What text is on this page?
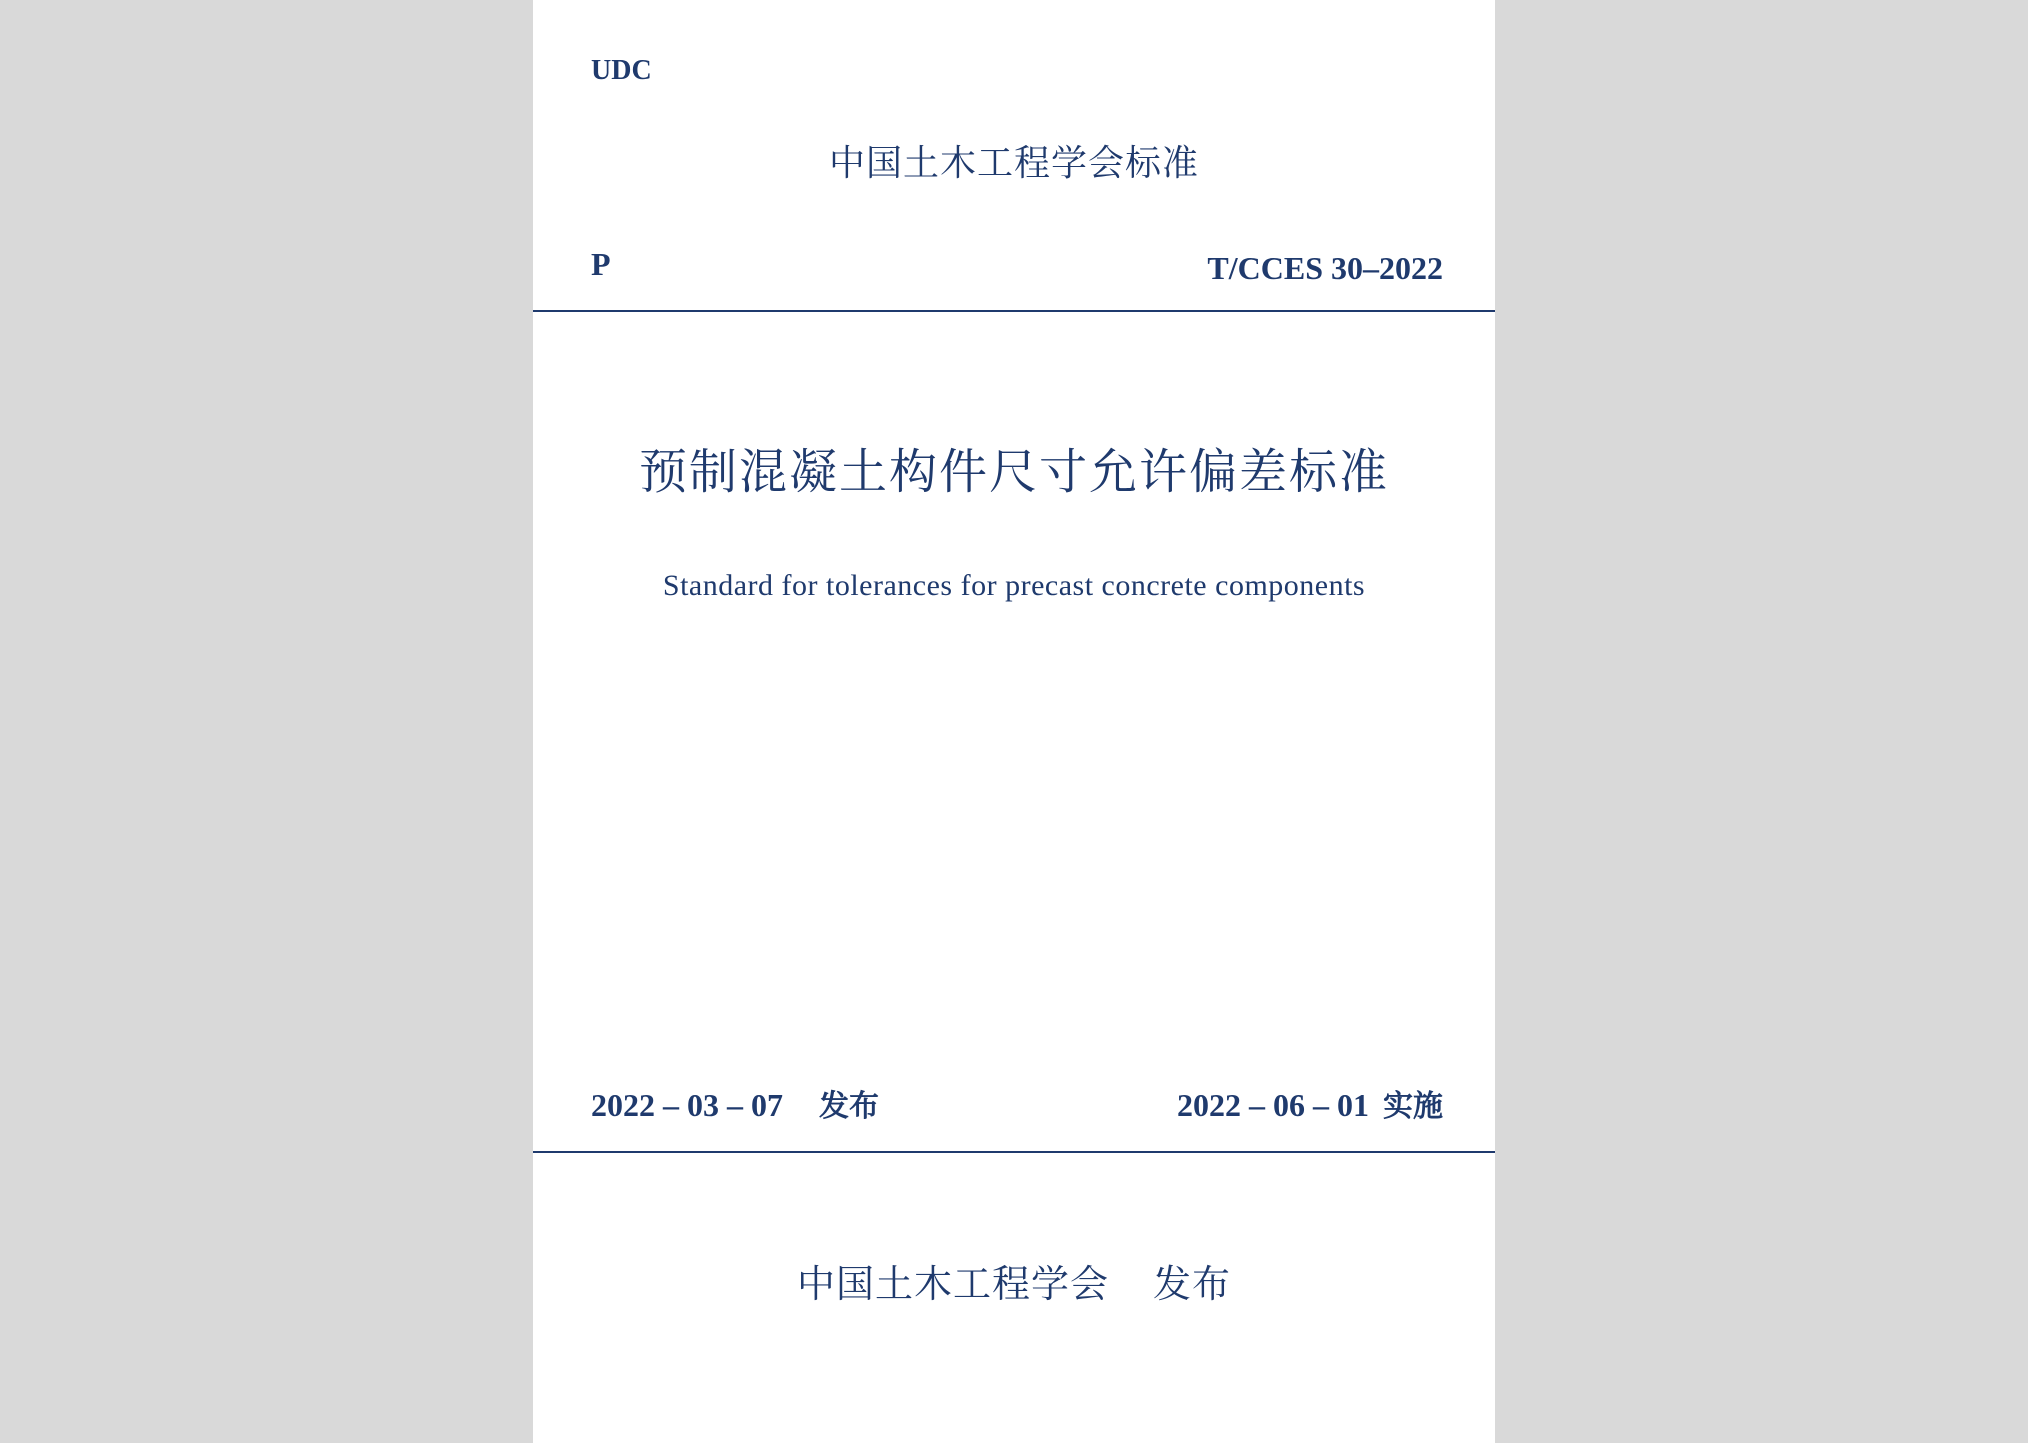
UDC
中国土木工程学会标准
P	T/CCES 30–2022
预制混凝土构件尺寸允许偏差标准
Standard for tolerances for precast concrete components
2022 – 03 – 07 发布	2022 – 06 – 01 实施
中国土木工程学会 发布
